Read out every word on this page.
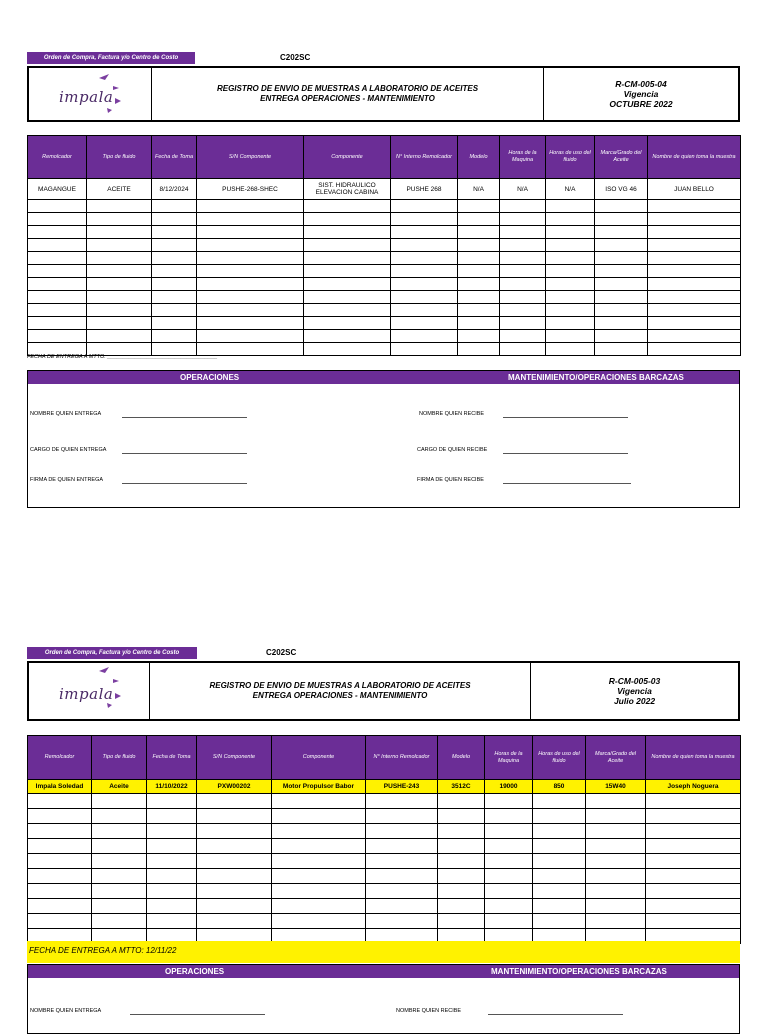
Orden de Compra, Factura y/o Centro de Costo	C202SC
impala	REGISTRO DE ENVIO DE MUESTRAS A LABORATORIO DE ACEITES
ENTREGA OPERACIONES - MANTENIMIENTO
R-CM-005-04
Vigencia
OCTUBRE 2022
Remolcador	Tipo de fluido	Fecha de Toma	S/N Componente	Componente	N° Interno Remolcador	Modelo	Horas de la Maquina	Horas de uso del fluido	Marca/Grado del Aceite	Nombre de quien toma la muestra
MAGANGUE	ACEITE	8/12/2024	PUSHE-268-SHEC	SIST. HIDRAULICO ELEVACION CABINA	PUSHE 268	N/A	N/A	N/A	ISO VG 46	JUAN BELLO

FECHA DE ENTREGA A MTTO: ____________________________________
OPERACIONES	MANTENIMIENTO/OPERACIONES BARCAZAS
NOMBRE QUIEN ENTREGA	NOMBRE QUIEN RECIBE
CARGO DE QUIEN ENTREGA	CARGO DE QUIEN RECIBE
FIRMA DE QUIEN ENTREGA	FIRMA DE QUIEN RECIBE
Orden de Compra, Factura y/o Centro de Costo	C202SC
impala	REGISTRO DE ENVIO DE MUESTRAS A LABORATORIO DE ACEITES
ENTREGA OPERACIONES - MANTENIMIENTO
R-CM-005-03
Vigencia
Julio 2022
Remolcador	Tipo de fluido	Fecha de Toma	S/N Componente	Componente	N° Interno Remolcador	Modelo	Horas de la Maquina	Horas de uso del fluido	Marca/Grado del Aceite	Nombre de quien toma la muestra
Impala Soledad	Aceite	11/10/2022	PXW00202	Motor Propulsor Babor	PUSHE-243	3512C	19000	850	15W40	Joseph Noguera

FECHA DE ENTREGA A MTTO: 12/11/22
OPERACIONES	MANTENIMIENTO/OPERACIONES BARCAZAS
NOMBRE QUIEN ENTREGA	NOMBRE QUIEN RECIBE
